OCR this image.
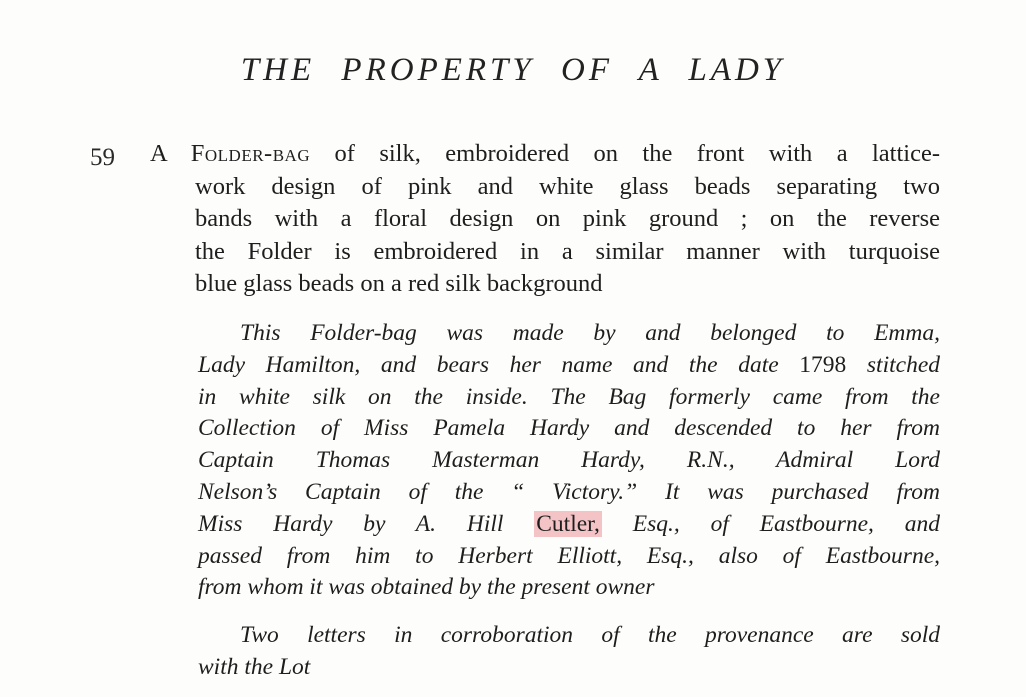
THE PROPERTY OF A LADY
59 A Folder-bag of silk, embroidered on the front with a lattice-
work design of pink and white glass beads separating two
bands with a floral design on pink ground ; on the reverse
the Folder is embroidered in a similar manner with turquoise
blue glass beads on a red silk background
This Folder-bag was made by and belonged to Emma,
Lady Hamilton, and bears her name and the date 1798 stitched
in white silk on the inside. The Bag formerly came from the
Collection of Miss Pamela Hardy and descended to her from
Captain Thomas Masterman Hardy, R.N., Admiral Lord
Nelson’s Captain of the “ Victory.” It was purchased from
Miss Hardy by A. Hill Cutler, Esq., of Eastbourne, and
passed from him to Herbert Elliott, Esq., also of Eastbourne,
from whom it was obtained by the present owner
Two letters in corroboration of the provenance are sold
with the Lot
